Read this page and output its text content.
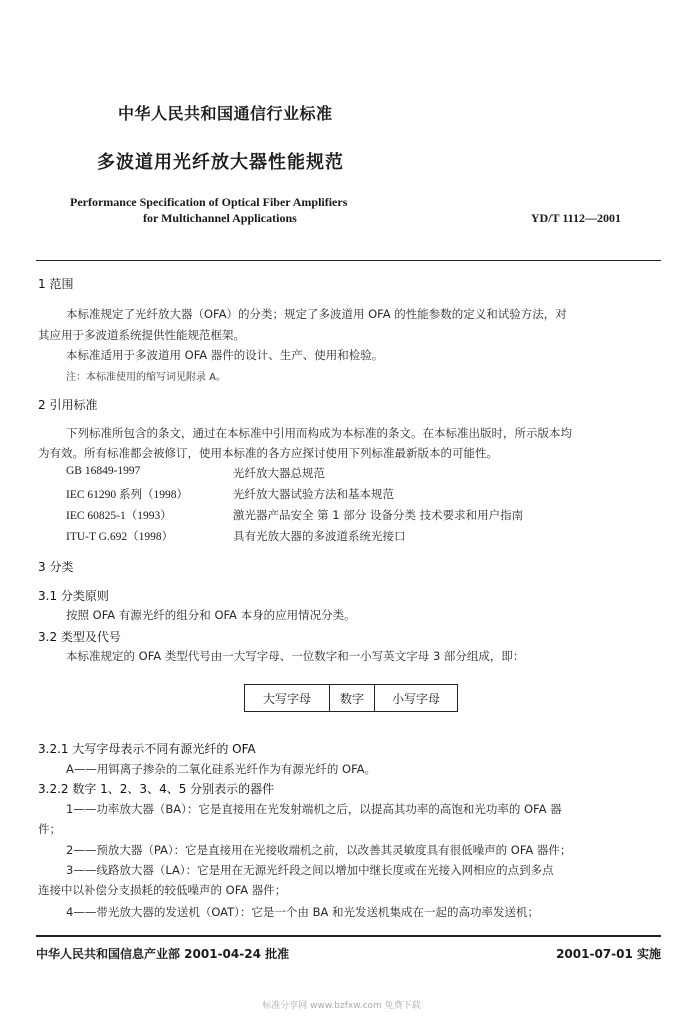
中华人民共和国通信行业标准
多波道用光纤放大器性能规范
Performance Specification of Optical Fiber Amplifiers
for Multichannel Applications	YD/T 1112—2001
1 范围
本标准规定了光纤放大器（OFA）的分类；规定了多波道用 OFA 的性能参数的定义和试验方法，对
其应用于多波道系统提供性能规范框架。
本标准适用于多波道用 OFA 器件的设计、生产、使用和检验。
注：本标准使用的缩写词见附录 A。
2 引用标准
下列标准所包含的条文，通过在本标准中引用而构成为本标准的条文。在本标准出版时，所示版本均
为有效。所有标准都会被修订，使用本标准的各方应探讨使用下列标准最新版本的可能性。
GB 16849-1997	光纤放大器总规范
IEC 61290 系列（1998）	光纤放大器试验方法和基本规范
IEC 60825-1（1993）	激光器产品安全 第 1 部分 设备分类 技术要求和用户指南
ITU-T G.692（1998）	具有光放大器的多波道系统光接口
3 分类
3.1 分类原则
按照 OFA 有源光纤的组分和 OFA 本身的应用情况分类。
3.2 类型及代号
本标准规定的 OFA 类型代号由一大写字母、一位数字和一小写英文字母 3 部分组成，即：
大写字母	数字	小写字母
3.2.1 大写字母表示不同有源光纤的 OFA
A——用铒离子掺杂的二氧化硅系光纤作为有源光纤的 OFA。
3.2.2 数字 1、2、3、4、5 分别表示的器件
1——功率放大器（BA）：它是直接用在光发射端机之后，以提高其功率的高饱和光功率的 OFA 器
件；
2——预放大器（PA）：它是直接用在光接收端机之前，以改善其灵敏度具有很低噪声的 OFA 器件；
3——线路放大器（LA）：它是用在无源光纤段之间以增加中继长度或在光接入网相应的点到多点
连接中以补偿分支损耗的较低噪声的 OFA 器件；
4——带光放大器的发送机（OAT）：它是一个由 BA 和光发送机集成在一起的高功率发送机；
中华人民共和国信息产业部 2001-04-24 批准	2001-07-01 实施
标准分享网 www.bzfxw.com 免费下载
